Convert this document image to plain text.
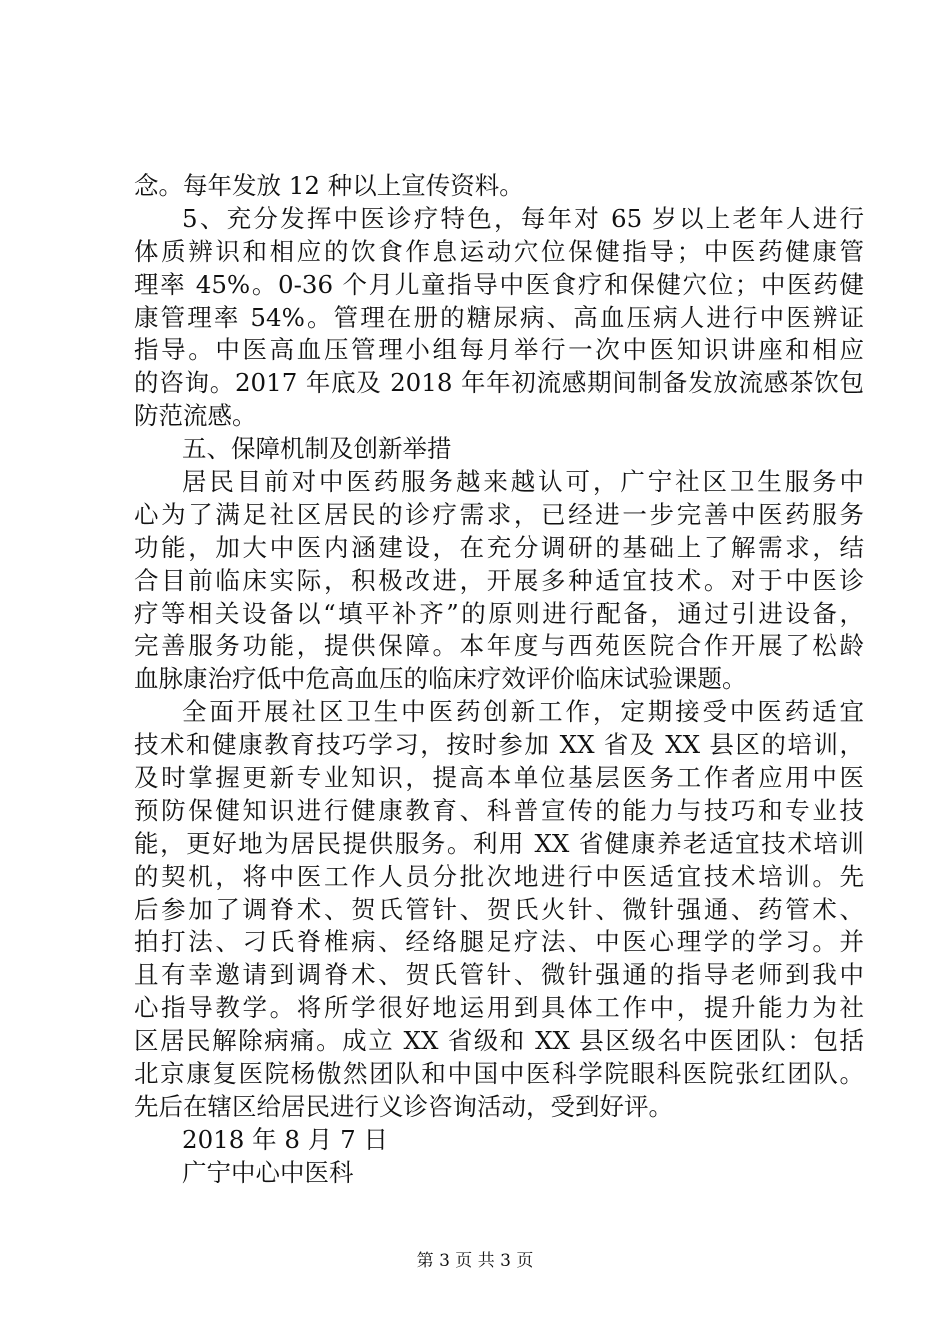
念。每年发放 12 种以上宣传资料。
5、充分发挥中医诊疗特色，每年对 65 岁以上老年人进行
体质辨识和相应的饮食作息运动穴位保健指导；中医药健康管
理率 45%。0-36 个月儿童指导中医食疗和保健穴位；中医药健
康管理率 54%。管理在册的糖尿病、高血压病人进行中医辨证
指导。中医高血压管理小组每月举行一次中医知识讲座和相应
的咨询。2017 年底及 2018 年年初流感期间制备发放流感茶饮包
防范流感。
五、保障机制及创新举措
居民目前对中医药服务越来越认可，广宁社区卫生服务中
心为了满足社区居民的诊疗需求，已经进一步完善中医药服务
功能，加大中医内涵建设，在充分调研的基础上了解需求，结
合目前临床实际，积极改进，开展多种适宜技术。对于中医诊
疗等相关设备以“填平补齐”的原则进行配备，通过引进设备，
完善服务功能，提供保障。本年度与西苑医院合作开展了松龄
血脉康治疗低中危高血压的临床疗效评价临床试验课题。
全面开展社区卫生中医药创新工作，定期接受中医药适宜
技术和健康教育技巧学习，按时参加 XX 省及 XX 县区的培训，
及时掌握更新专业知识，提高本单位基层医务工作者应用中医
预防保健知识进行健康教育、科普宣传的能力与技巧和专业技
能，更好地为居民提供服务。利用 XX 省健康养老适宜技术培训
的契机，将中医工作人员分批次地进行中医适宜技术培训。先
后参加了调脊术、贺氏管针、贺氏火针、微针强通、药管术、
拍打法、刁氏脊椎病、经络腿足疗法、中医心理学的学习。并
且有幸邀请到调脊术、贺氏管针、微针强通的指导老师到我中
心指导教学。将所学很好地运用到具体工作中，提升能力为社
区居民解除病痛。成立 XX 省级和 XX 县区级名中医团队：包括
北京康复医院杨傲然团队和中国中医科学院眼科医院张红团队。
先后在辖区给居民进行义诊咨询活动，受到好评。
2018 年 8 月 7 日
广宁中心中医科
第 3 页 共 3 页
